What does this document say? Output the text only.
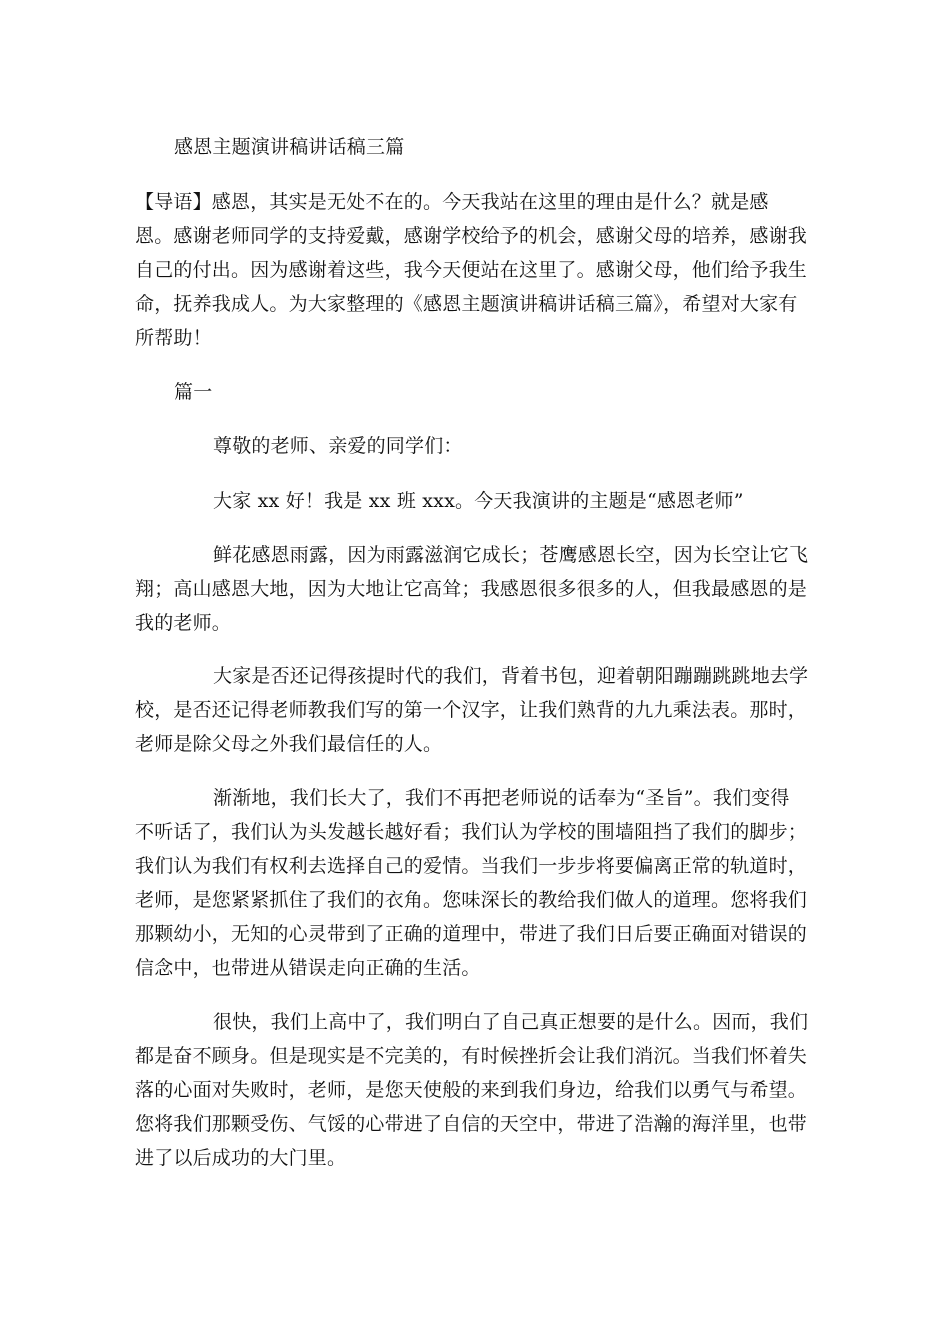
感恩主题演讲稿讲话稿三篇
【导语】感恩，其实是无处不在的。今天我站在这里的理由是什么？就是感
恩。感谢老师同学的支持爱戴，感谢学校给予的机会，感谢父母的培养，感谢我
自己的付出。因为感谢着这些，我今天便站在这里了。感谢父母，他们给予我生
命，抚养我成人。为大家整理的《感恩主题演讲稿讲话稿三篇》，希望对大家有
所帮助！
篇一
尊敬的老师、亲爱的同学们：
大家 xx 好！我是 xx 班 xxx。今天我演讲的主题是“感恩老师”
鲜花感恩雨露，因为雨露滋润它成长；苍鹰感恩长空，因为长空让它飞
翔；高山感恩大地，因为大地让它高耸；我感恩很多很多的人，但我最感恩的是
我的老师。
大家是否还记得孩提时代的我们，背着书包，迎着朝阳蹦蹦跳跳地去学
校，是否还记得老师教我们写的第一个汉字，让我们熟背的九九乘法表。那时，
老师是除父母之外我们最信任的人。
渐渐地，我们长大了，我们不再把老师说的话奉为“圣旨”。我们变得
不听话了，我们认为头发越长越好看；我们认为学校的围墙阻挡了我们的脚步；
我们认为我们有权利去选择自己的爱情。当我们一步步将要偏离正常的轨道时，
老师，是您紧紧抓住了我们的衣角。您味深长的教给我们做人的道理。您将我们
那颗幼小，无知的心灵带到了正确的道理中，带进了我们日后要正确面对错误的
信念中，也带进从错误走向正确的生活。
很快，我们上高中了，我们明白了自己真正想要的是什么。因而，我们
都是奋不顾身。但是现实是不完美的，有时候挫折会让我们消沉。当我们怀着失
落的心面对失败时，老师，是您天使般的来到我们身边，给我们以勇气与希望。
您将我们那颗受伤、气馁的心带进了自信的天空中，带进了浩瀚的海洋里，也带
进了以后成功的大门里。
